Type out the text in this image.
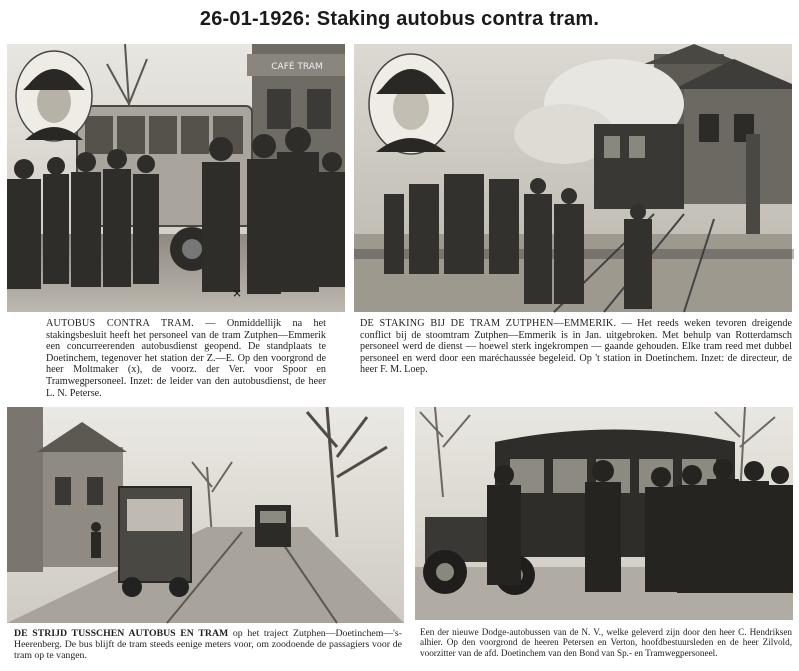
26-01-1926: Staking autobus contra tram.
CAFÉ TRAM
×
AUTOBUS CONTRA TRAM. — Onmiddellijk na het stakingsbesluit heeft het personeel van de tram Zutphen—Emmerik een concurreerenden autobusdienst geopend. De standplaats te Doetinchem, tegenover het station der Z.—E. Op den voorgrond de heer Moltmaker (x), de voorz. der Ver. voor Spoor en Tramwegpersoneel. Inzet: de leider van den autobusdienst, de heer L. N. Peterse.
DE STAKING BIJ DE TRAM ZUTPHEN—EMMERIK. — Het reeds weken tevoren dreigende conflict bij de stoomtram Zutphen—Emmerik is in Jan. uitgebroken. Met behulp van Rotterdamsch personeel werd de dienst — hoewel sterk ingekrompen — gaande gehouden. Elke tram reed met dubbel personeel en werd door een maréchaussée begeleid. Op 't station in Doetinchem. Inzet: de directeur, de heer F. M. Loep.
DE STRIJD TUSSCHEN AUTOBUS EN TRAM op het traject Zutphen—Doetinchem—'s-Heerenberg. De bus blijft de tram steeds eenige meters voor, om zoodoende de passagiers voor de tram op te vangen.
Een der nieuwe Dodge-autobussen van de N. V., welke geleverd zijn door den heer C. Hendriksen alhier. Op den voorgrond de heeren Petersen en Verton, hoofdbestuursleden en de heer Zilvold, voorzitter van de afd. Doetinchem van den Bond van Sp.- en Tramwegpersoneel.
